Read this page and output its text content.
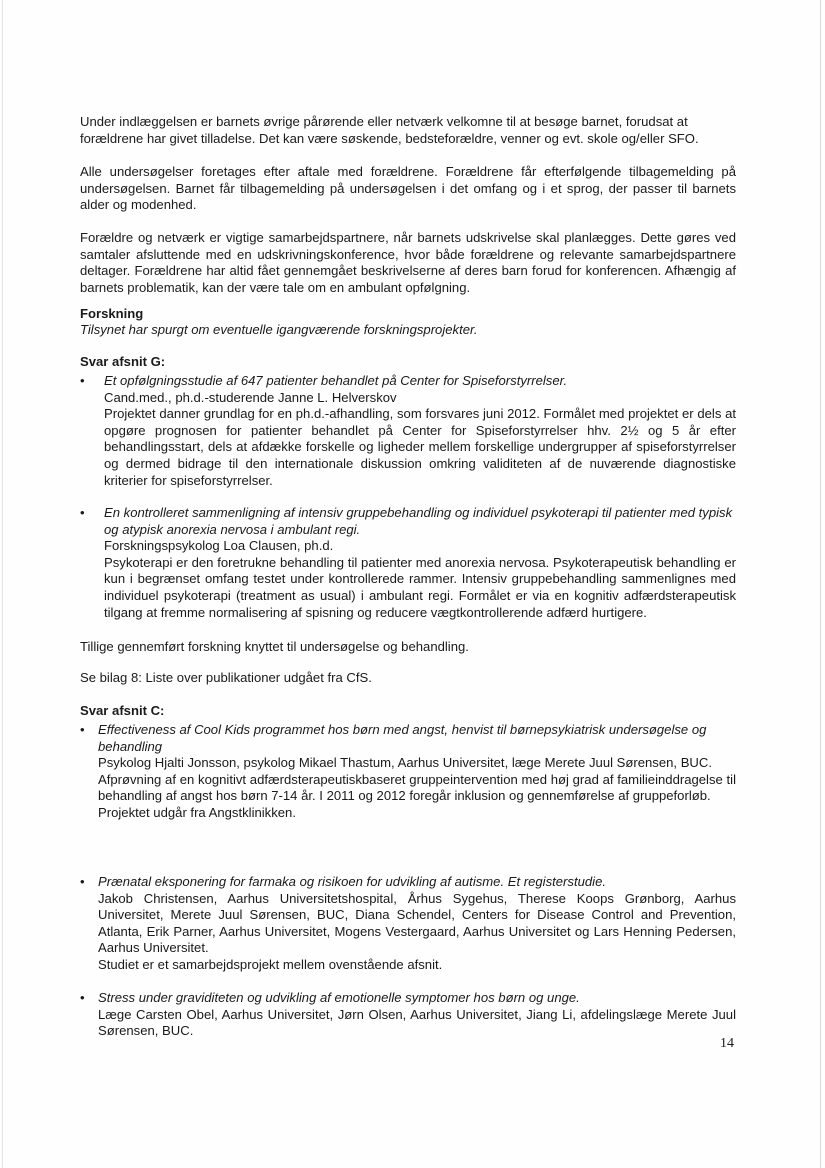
Under indlæggelsen er barnets øvrige pårørende eller netværk velkomne til at besøge barnet, forudsat at forældrene har givet tilladelse. Det kan være søskende, bedsteforældre, venner og evt. skole og/eller SFO.

Alle undersøgelser foretages efter aftale med forældrene. Forældrene får efterfølgende tilbagemelding på undersøgelsen. Barnet får tilbagemelding på undersøgelsen i det omfang og i et sprog, der passer til barnets alder og modenhed.

Forældre og netværk er vigtige samarbejdspartnere, når barnets udskrivelse skal planlægges. Dette gøres ved samtaler afsluttende med en udskrivningskonference, hvor både forældrene og relevante samarbejdspartnere deltager. Forældrene har altid fået gennemgået beskrivelserne af deres barn forud for konferencen. Afhængig af barnets problematik, kan der være tale om en ambulant opfølgning.

Forskning

Tilsynet har spurgt om eventuelle igangværende forskningsprojekter.

Svar afsnit G:

•	Et opfølgningsstudie af 647 patienter behandlet på Center for Spiseforstyrrelser.

Cand.med., ph.d.-studerende Janne L. Helverskov

Projektet danner grundlag for en ph.d.-afhandling, som forsvares juni 2012. Formålet med projektet er dels at opgøre prognosen for patienter behandlet på Center for Spiseforstyrrelser hhv. 2½ og 5 år efter behandlingsstart, dels at afdække forskelle og ligheder mellem forskellige undergrupper af spiseforstyrrelser og dermed bidrage til den internationale diskussion omkring validiteten af de nuværende diagnostiske kriterier for spiseforstyrrelser.

•	En kontrolleret sammenligning af intensiv gruppebehandling og individuel psykoterapi til patienter med typisk og atypisk anorexia nervosa i ambulant regi.

Forskningspsykolog Loa Clausen, ph.d.

Psykoterapi er den foretrukne behandling til patienter med anorexia nervosa. Psykoterapeutisk behandling er kun i begrænset omfang testet under kontrollerede rammer. Intensiv gruppebehandling sammenlignes med individuel psykoterapi (treatment as usual) i ambulant regi. Formålet er via en kognitiv adfærdsterapeutisk tilgang at fremme normalisering af spisning og reducere vægtkontrollerende adfærd hurtigere.

Tillige gennemført forskning knyttet til undersøgelse og behandling.

Se bilag 8: Liste over publikationer udgået fra CfS.

Svar afsnit C:

•	Effectiveness af Cool Kids programmet hos børn med angst, henvist til børnepsykiatrisk undersøgelse og behandling

Psykolog Hjalti Jonsson, psykolog Mikael Thastum, Aarhus Universitet, læge Merete Juul Sørensen, BUC.

Afprøvning af en kognitivt adfærdsterapeutiskbaseret gruppeintervention med høj grad af familieinddragelse til behandling af angst hos børn 7-14 år. I 2011 og 2012 foregår inklusion og gennemførelse af gruppeforløb.

Projektet udgår fra Angstklinikken.

•	Prænatal eksponering for farmaka og risikoen for udvikling af autisme. Et registerstudie.

Jakob Christensen, Aarhus Universitetshospital, Århus Sygehus, Therese Koops Grønborg, Aarhus Universitet, Merete Juul Sørensen, BUC, Diana Schendel, Centers for Disease Control and Prevention, Atlanta, Erik Parner, Aarhus Universitet, Mogens Vestergaard, Aarhus Universitet og Lars Henning Pedersen, Aarhus Universitet.

Studiet er et samarbejdsprojekt mellem ovenstående afsnit.

•	Stress under graviditeten og udvikling af emotionelle symptomer hos børn og unge.

Læge Carsten Obel, Aarhus Universitet, Jørn Olsen, Aarhus Universitet, Jiang Li, afdelingslæge Merete Juul Sørensen, BUC.

14
